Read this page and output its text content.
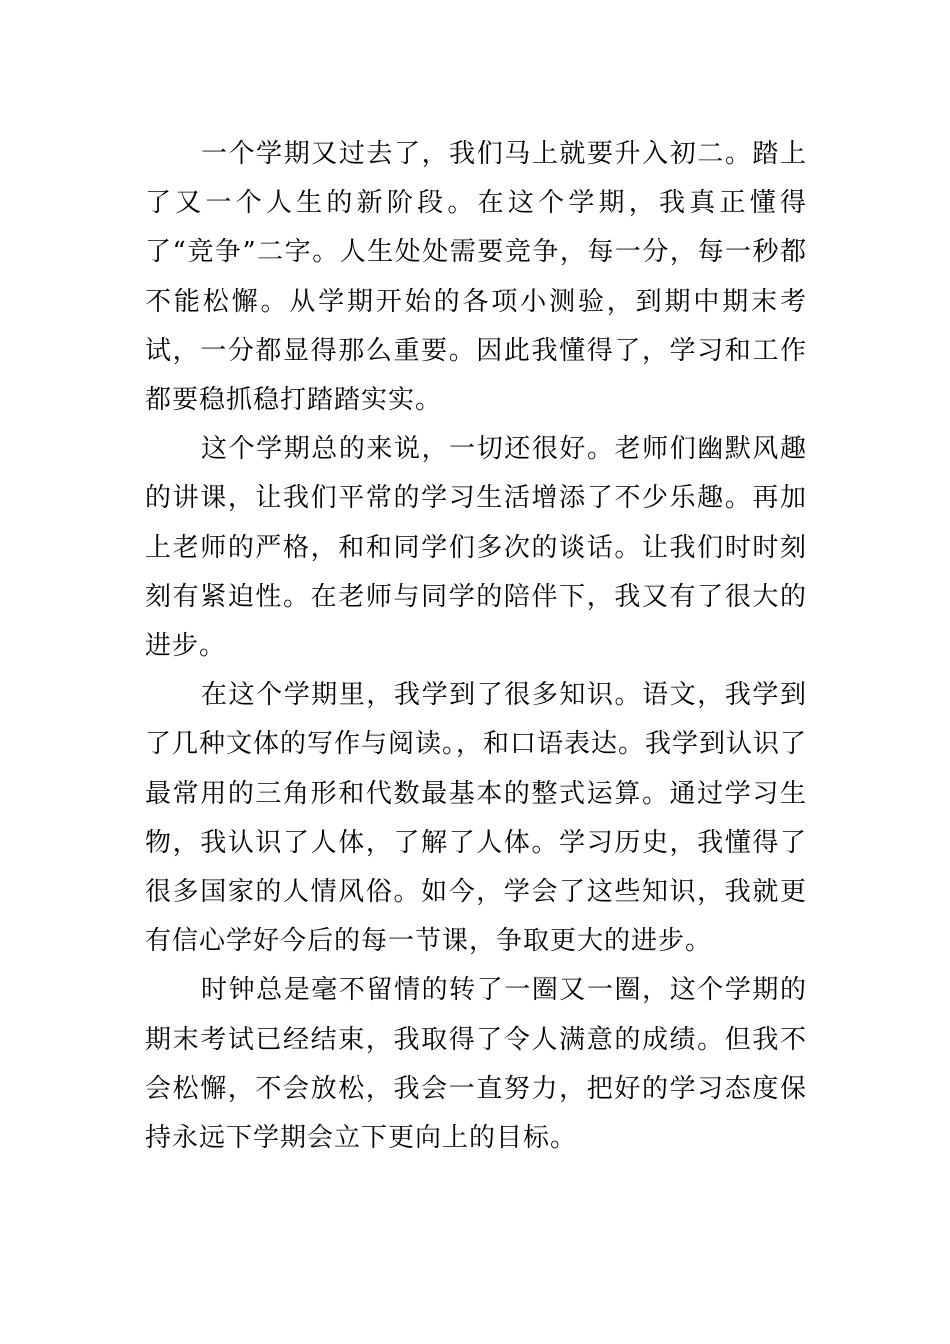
一个学期又过去了，我们马上就要升入初二。踏上了又一个人生的新阶段。在这个学期，我真正懂得了“竞争”二字。人生处处需要竞争，每一分，每一秒都不能松懈。从学期开始的各项小测验，到期中期末考试，一分都显得那么重要。因此我懂得了，学习和工作都要稳抓稳打踏踏实实。

这个学期总的来说，一切还很好。老师们幽默风趣的讲课，让我们平常的学习生活增添了不少乐趣。再加上老师的严格，和和同学们多次的谈话。让我们时时刻刻有紧迫性。在老师与同学的陪伴下，我又有了很大的进步。

在这个学期里，我学到了很多知识。语文，我学到了几种文体的写作与阅读。，和口语表达。我学到认识了最常用的三角形和代数最基本的整式运算。通过学习生物，我认识了人体，了解了人体。学习历史，我懂得了很多国家的人情风俗。如今，学会了这些知识，我就更有信心学好今后的每一节课，争取更大的进步。

时钟总是毫不留情的转了一圈又一圈，这个学期的期末考试已经结束，我取得了令人满意的成绩。但我不会松懈，不会放松，我会一直努力，把好的学习态度保持永远下学期会立下更向上的目标。
